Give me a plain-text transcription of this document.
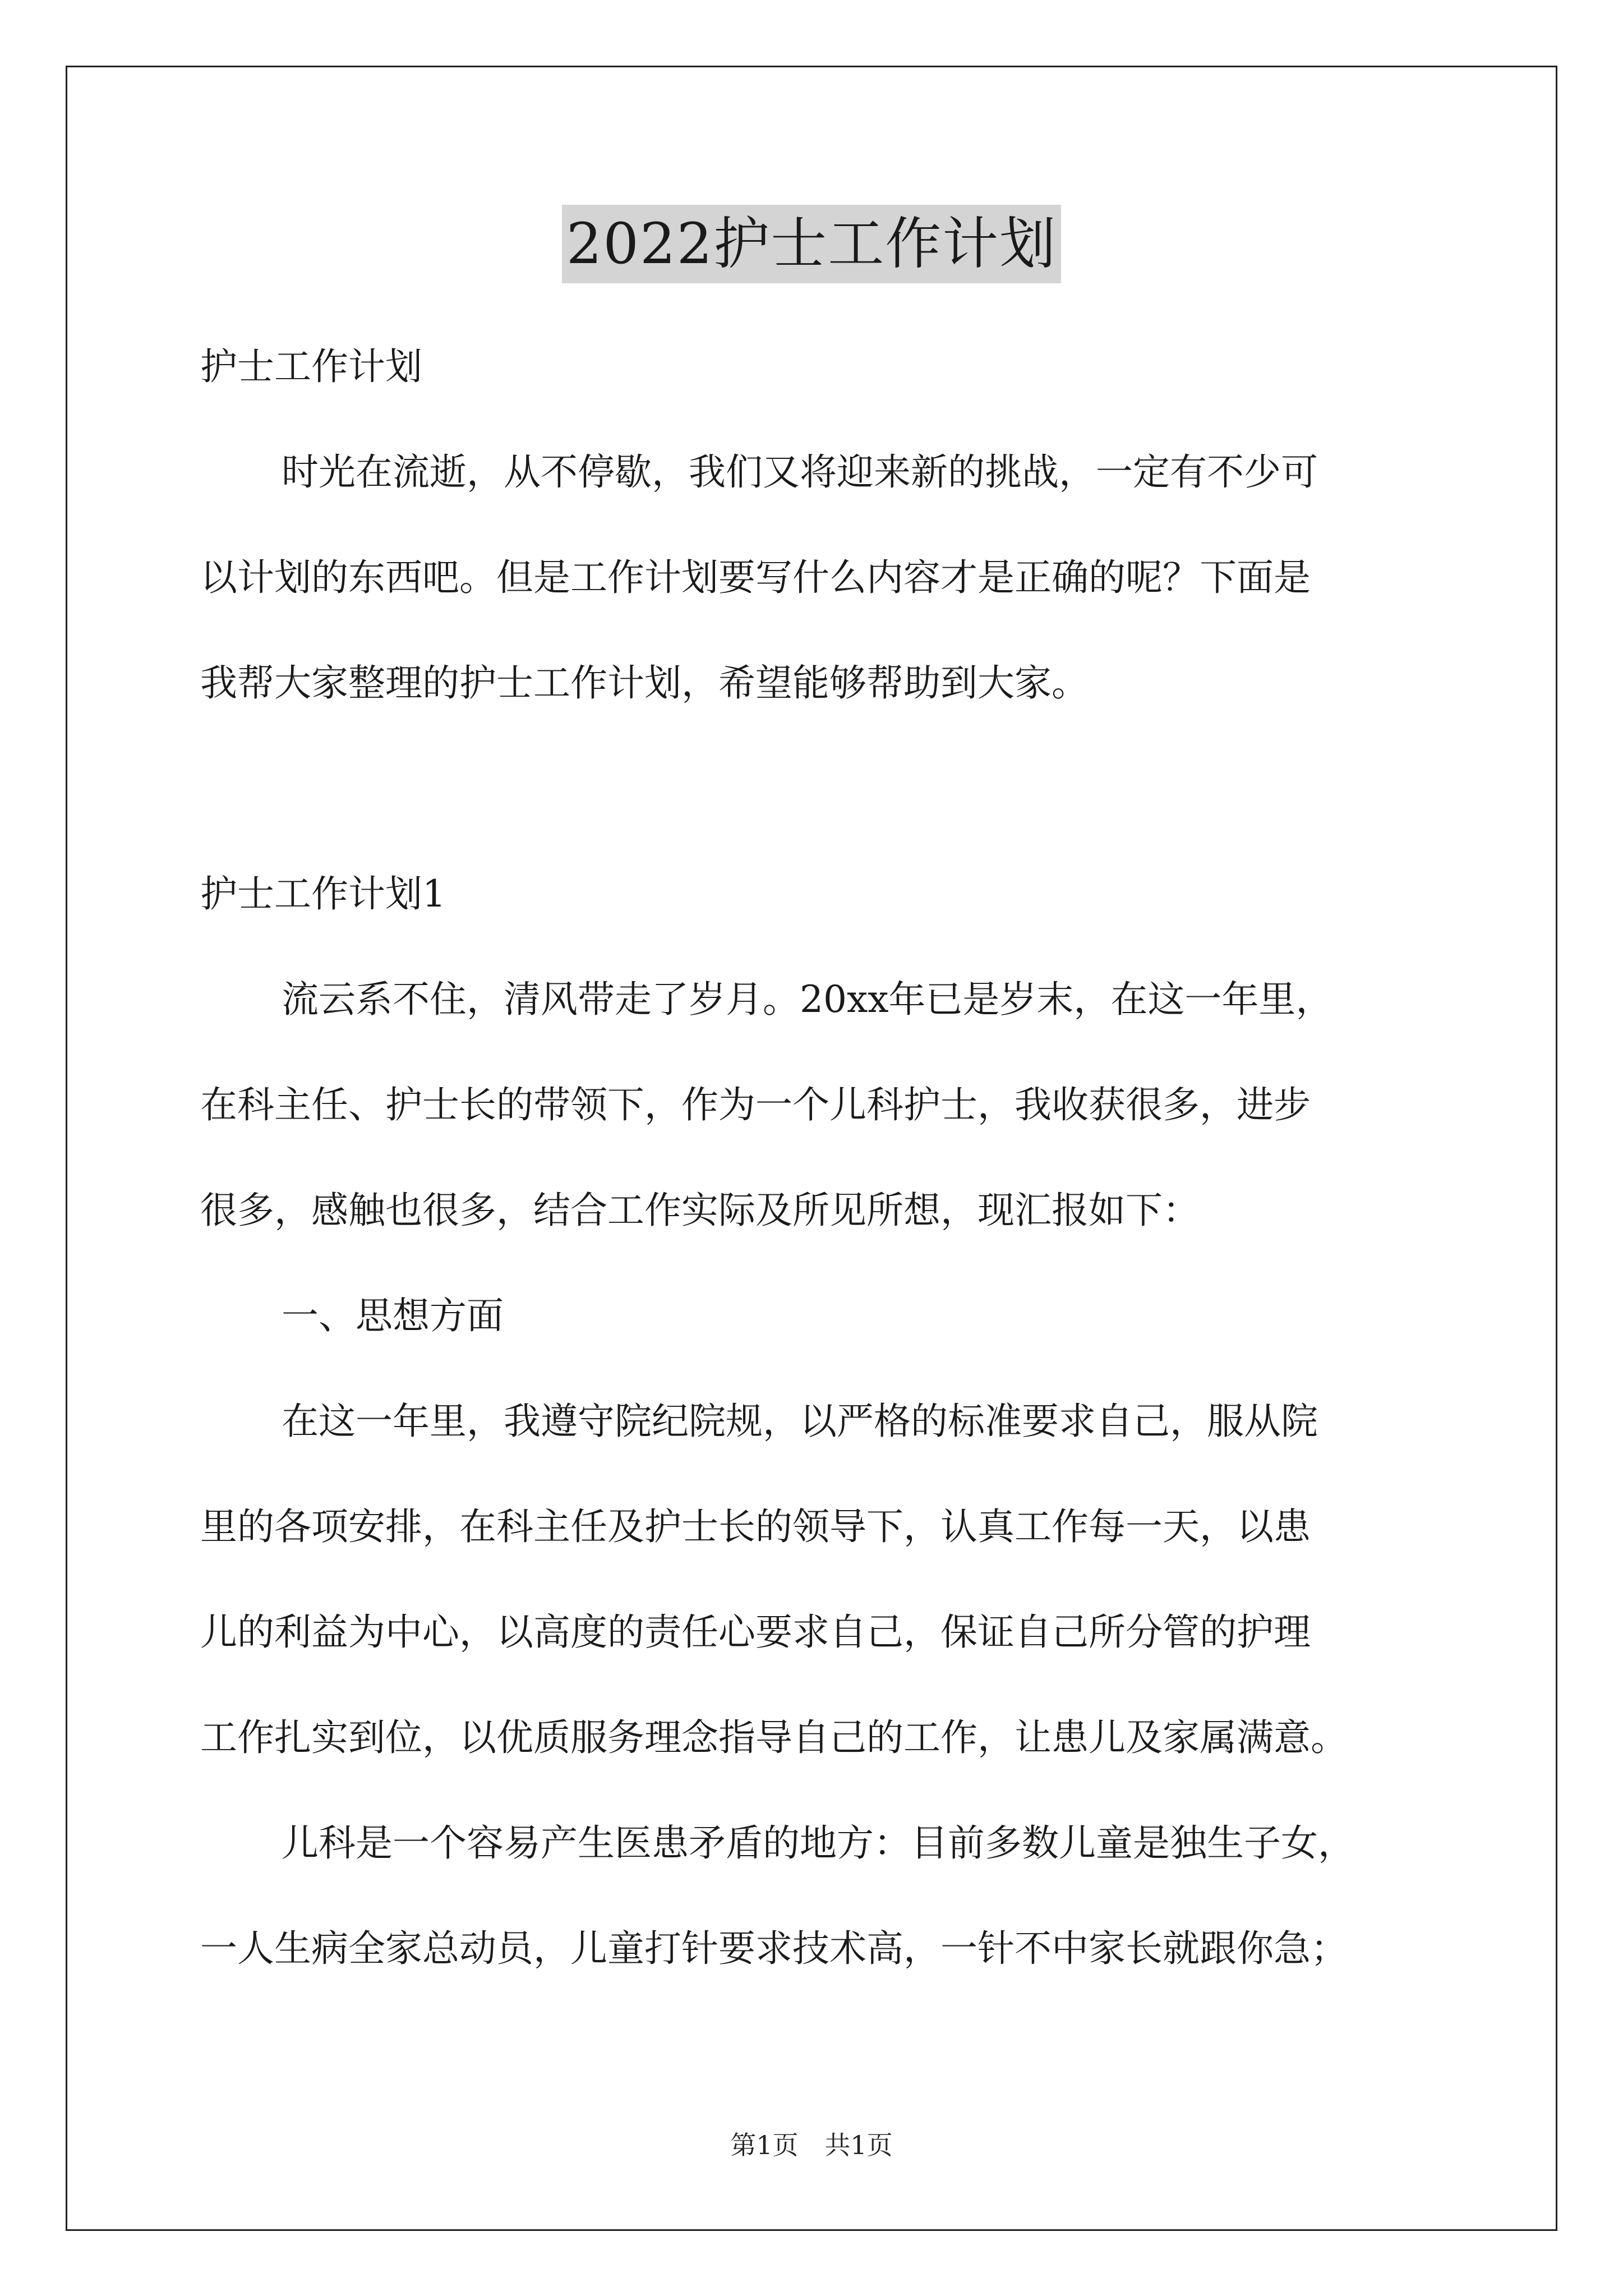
2022护士工作计划
护士工作计划
时光在流逝，从不停歇，我们又将迎来新的挑战，一定有不少可
以计划的东西吧。但是工作计划要写什么内容才是正确的呢？下面是
我帮大家整理的护士工作计划，希望能够帮助到大家。
护士工作计划1
流云系不住，清风带走了岁月。20xx年已是岁末，在这一年里，
在科主任、护士长的带领下，作为一个儿科护士，我收获很多，进步
很多，感触也很多，结合工作实际及所见所想，现汇报如下：
一、思想方面
在这一年里，我遵守院纪院规，以严格的标准要求自己，服从院
里的各项安排，在科主任及护士长的领导下，认真工作每一天，以患
儿的利益为中心，以高度的责任心要求自己，保证自己所分管的护理
工作扎实到位，以优质服务理念指导自己的工作，让患儿及家属满意。
儿科是一个容易产生医患矛盾的地方：目前多数儿童是独生子女，
一人生病全家总动员，儿童打针要求技术高，一针不中家长就跟你急；
第1页 共1页
